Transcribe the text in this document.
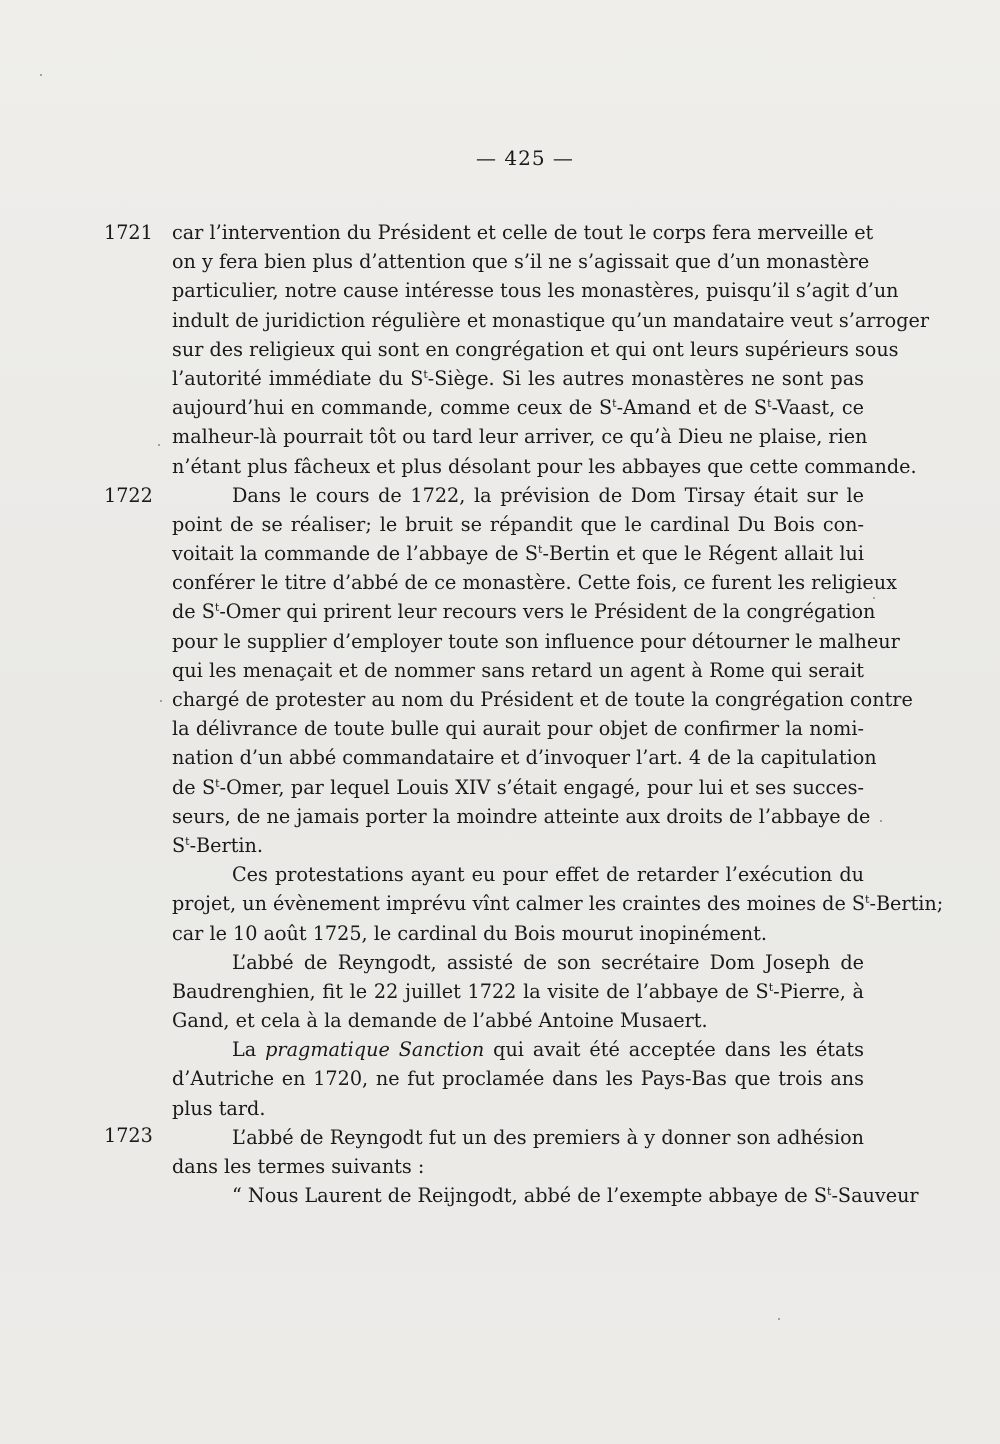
— 425 —
1721
1722
1723
car l’intervention du Président et celle de tout le corps fera merveille et
on y fera bien plus d’attention que s’il ne s’agissait que d’un monastère
particulier, notre cause intéresse tous les monastères, puisqu’il s’agit d’un
indult de juridiction régulière et monastique qu’un mandataire veut s’arroger
sur des religieux qui sont en congrégation et qui ont leurs supérieurs sous
l’autorité immédiate du $S^t$-Siège. Si les autres monastères ne sont pas
aujourd’hui en commande, comme ceux de $S^t$-Amand et de $S^t$-Vaast, ce
malheur-là pourrait tôt ou tard leur arriver, ce qu’à Dieu ne plaise, rien
n’étant plus fâcheux et plus désolant pour les abbayes que cette commande.
Dans le cours de 1722, la prévision de Dom Tirsay était sur le
point de se réaliser; le bruit se répandit que le cardinal Du Bois con-
voitait la commande de l’abbaye de $S^t$-Bertin et que le Régent allait lui
conférer le titre d’abbé de ce monastère. Cette fois, ce furent les religieux
de $S^t$-Omer qui prirent leur recours vers le Président de la congrégation
pour le supplier d’employer toute son influence pour détourner le malheur
qui les menaçait et de nommer sans retard un agent à Rome qui serait
chargé de protester au nom du Président et de toute la congrégation contre
la délivrance de toute bulle qui aurait pour objet de confirmer la nomi-
nation d’un abbé commandataire et d’invoquer l’art. 4 de la capitulation
de $S^t$-Omer, par lequel Louis XIV s’était engagé, pour lui et ses succes-
seurs, de ne jamais porter la moindre atteinte aux droits de l’abbaye de
$S^t$-Bertin.
Ces protestations ayant eu pour effet de retarder l’exécution du
projet, un évènement imprévu vînt calmer les craintes des moines de $S^t$-Bertin;
car le 10 août 1725, le cardinal du Bois mourut inopinément.
L’abbé de Reyngodt, assisté de son secrétaire Dom Joseph de
Baudrenghien, fit le 22 juillet 1722 la visite de l’abbaye de $S^t$-Pierre, à
Gand, et cela à la demande de l’abbé Antoine Musaert.
La pragmatique Sanction qui avait été acceptée dans les états
d’Autriche en 1720, ne fut proclamée dans les Pays-Bas que trois ans
plus tard.
L’abbé de Reyngodt fut un des premiers à y donner son adhésion
dans les termes suivants :
“ Nous Laurent de Reijngodt, abbé de l’exempte abbaye de $S^t$-Sauveur
